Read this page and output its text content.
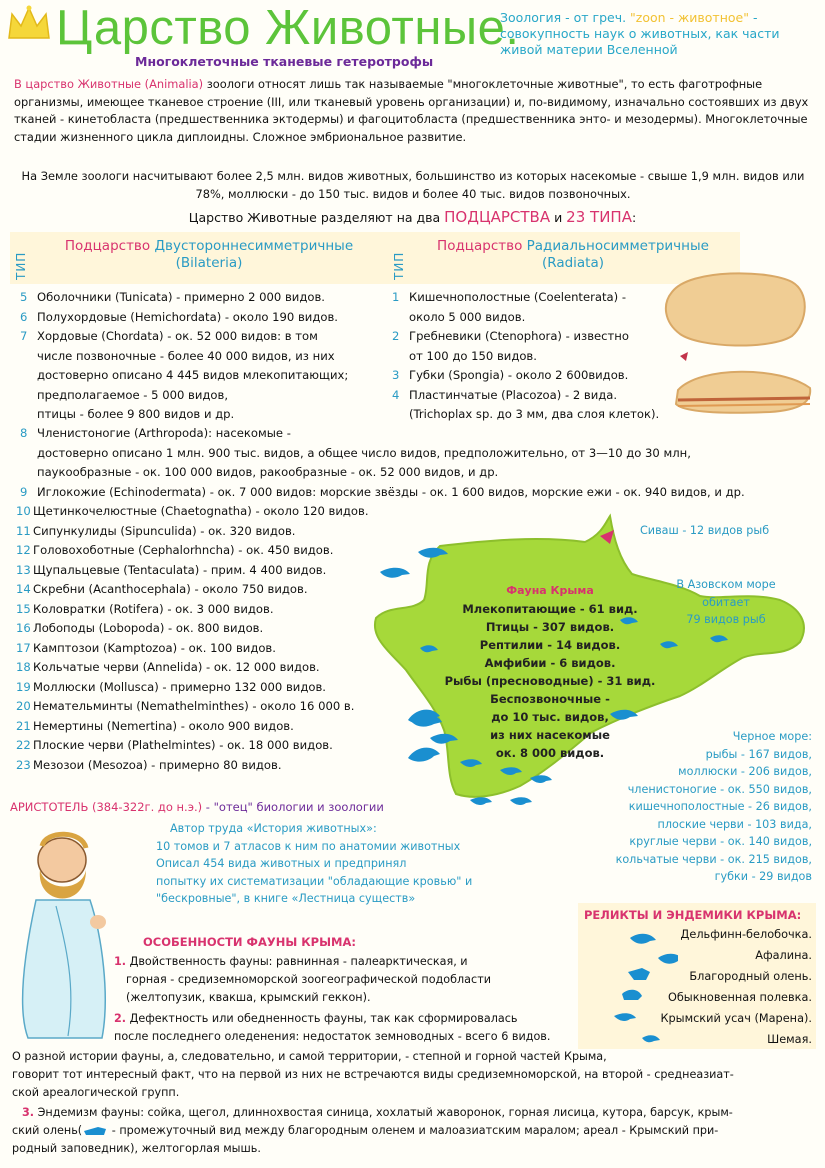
Царство Животные.
Многоклеточные тканевые гетеротрофы
Зоология - от греч. "zoon - животное" - совокупность наук о животных, как части живой материи Вселенной
В царство Животные (Animalia) зоологи относят лишь так называемые "многоклеточные животные", то есть фаготрофные организмы, имеющее тканевое строение (III, или тканевый уровень организации) и, по-видимому, изначально состоявших из двух тканей - кинетобласта (предшественника эктодермы) и фагоцитобласта (предшественника энто- и мезодермы). Многоклеточные стадии жизненного цикла диплоидны. Сложное эмбриональное развитие.
На Земле зоологи насчитывают более 2,5 млн. видов животных, большинство из которых насекомые - свыше 1,9 млн. видов или 78%, моллюски - до 150 тыс. видов и более 40 тыс. видов позвоночных.
Царство Животные разделяют на два ПОДЦАРСТВА и 23 ТИПА:
ТИП
Подцарство Двустороннесимметричные
(Bilateria)	ТИП
Подцарство Радиальносимметричные
(Radiata)
5 Оболочники (Tunicata) - примерно 2 000 видов.
6 Полухордовые (Hemichordata) - около 190 видов.
7 Хордовые (Chordata) - ок. 52 000 видов: в том
числе позвоночные - более 40 000 видов, из них
достоверно описано 4 445 видов млекопитающих;
предполагаемое - 5 000 видов,
птицы - более 9 800 видов и др.
1 Кишечнополостные (Coelenterata) -
около 5 000 видов.
2 Гребневики (Ctenophora) - известно
от 100 до 150 видов.
3 Губки (Spongia) - около 2 600видов.
4 Пластинчатые (Placozoa) - 2 вида.
(Trichoplax sp. до 3 мм, два слоя клеток).
8 Членистоногие (Arthropoda): насекомые -
достоверно описано 1 млн. 900 тыс. видов, а общее число видов, предположительно, от 3—10 до 30 млн,
паукообразные - ок. 100 000 видов, ракообразные - ок. 52 000 видов, и др.
9 Иглокожие (Echinodermata) - ок. 7 000 видов: морские звёзды - ок. 1 600 видов, морские ежи - ок. 940 видов, и др.
Фауна Крыма
Млекопитающие - 61 вид.
Птицы - 307 видов.
Рептилии - 14 видов.
Амфибии - 6 видов.
Рыбы (пресноводные) - 31 вид.
Беспозвоночные -
до 10 тыс. видов,
из них насекомые
ок. 8 000 видов.
Сиваш - 12 видов рыб
В Азовском море
обитает
79 видов рыб
10 Щетинкочелюстные (Chaetognatha) - около 120 видов.
11 Сипункулиды (Sipunculida) - ок. 320 видов.
12 Головохоботные (Cephalorhncha) - ок. 450 видов.
13 Щупальцевые (Tentaculata) - прим. 4 400 видов.
14 Скребни (Acanthocephala) - около 750 видов.
15 Коловратки (Rotifera) - ок. 3 000 видов.
16 Лобоподы (Lobopoda) - ок. 800 видов.
17 Камптозои (Kamptozoa) - ок. 100 видов.
18 Кольчатые черви (Annelida) - ок. 12 000 видов.
19 Моллюски (Mollusca) - примерно 132 000 видов.
20 Немательминты (Nemathelminthes) - около 16 000 в.
21 Немертины (Nemertina) - около 900 видов.
22 Плоские черви (Plathelmintes) - ок. 18 000 видов.
23 Мезозои (Mesozoa) - примерно 80 видов.
Черное море:
рыбы - 167 видов,
моллюски - 206 видов,
членистоногие - ок. 550 видов,
кишечнополостные - 26 видов,
плоские черви - 103 вида,
круглые черви - ок. 140 видов,
кольчатые черви - ок. 215 видов,
губки - 29 видов
АРИСТОТЕЛЬ (384-322г. до н.э.) - "отец" биологии и зоологии
Автор труда «История животных»:
10 томов и 7 атласов к ним по анатомии животных
Описал 454 вида животных и предпринял
попытку их систематизации "обладающие кровью" и
"бескровные", в книге «Лестница существ»
РЕЛИКТЫ И ЭНДЕМИКИ КРЫМА:
Дельфинн-белобочка.
Афалина.
Благородный олень.
Обыкновенная полевка.
Крымский усач (Марена).
Шемая.
ОСОБЕННОСТИ ФАУНЫ КРЫМА:
1. Двойственность фауны: равнинная - палеарктическая, и
горная - средиземноморской зоогеографической подобласти
(желтопузик, квакша, крымский геккон).
2. Дефектность или обедненность фауны, так как сформировалась
после последнего оледенения: недостаток земноводных - всего 6 видов.
О разной истории фауны, а, следовательно, и самой территории, - степной и горной частей Крыма,
говорит тот интересный факт, что на первой из них не встречаются виды средиземноморской, на второй - среднеазиат-
ской ареалогической групп.
3. Эндемизм фауны: сойка, щегол, длиннохвостая синица, хохлатый жаворонок, горная лисица, кутора, барсук, крым-
ский олень( - промежуточный вид между благородным оленем и малоазиатским маралом; ареал - Крымский при-
родный заповедник), желтогорлая мышь.
